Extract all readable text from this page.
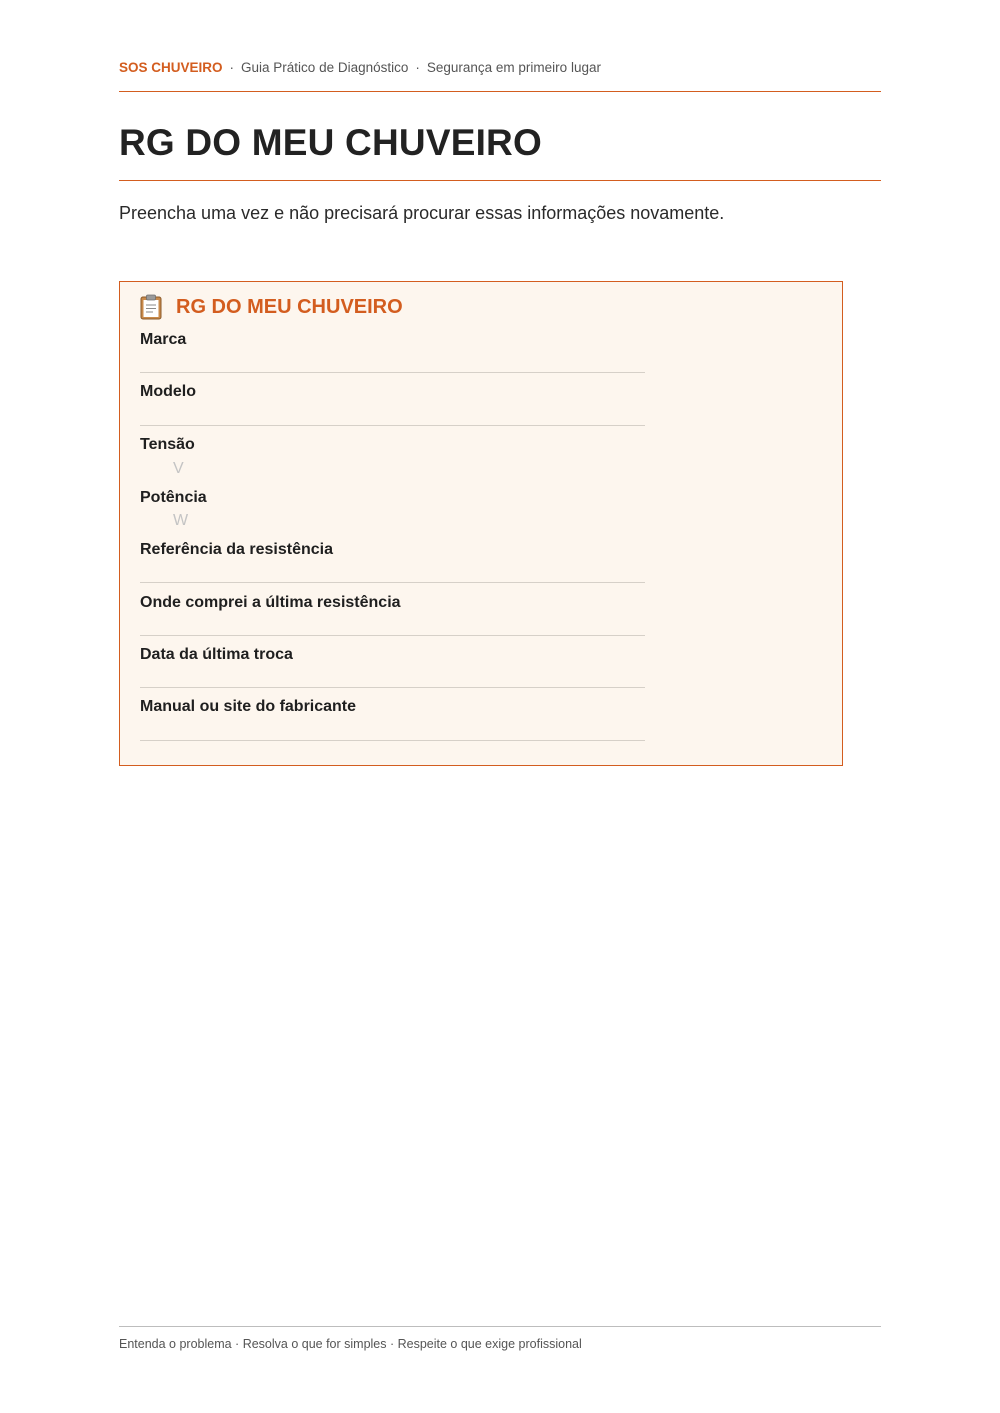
SOS CHUVEIRO · Guia Prático de Diagnóstico · Segurança em primeiro lugar
RG DO MEU CHUVEIRO

Preencha uma vez e não precisará procurar essas informações novamente.

RG DO MEU CHUVEIRO
Marca
Modelo
Tensão
V
Potência
W
Referência da resistência
Onde comprei a última resistência
Data da última troca
Manual ou site do fabricante
Entenda o problema · Resolva o que for simples · Respeite o que exige profissional
